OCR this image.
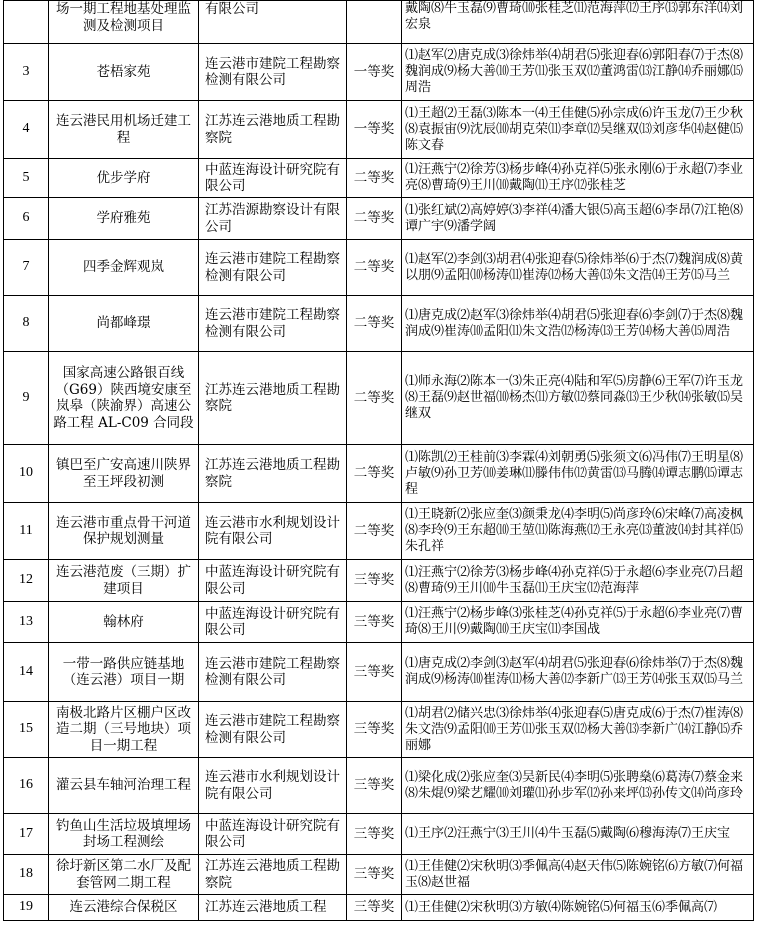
	场一期工程地基处理监测及检测项目	有限公司		戴陶⑻牛玉磊⑼曹琦⑽张桂芝⑾范海萍⑿王序⒀郭东洋⒁刘宏泉
3	苍梧家苑	连云港市建院工程勘察检测有限公司	一等奖	⑴赵军⑵唐克成⑶徐炜举⑷胡君⑸张迎春⑹郭阳春⑺于杰⑻魏润成⑼杨大善⑽王芳⑾张玉双⑿董鸿雷⒀江静⒁乔丽娜⒂周浩
4	连云港民用机场迁建工程	江苏连云港地质工程勘察院	一等奖	⑴王超⑵王磊⑶陈本一⑷王佳健⑸孙宗成⑹许玉龙⑺王少秋⑻袁振宙⑼沈辰⑽胡克荣⑾李章⑿吴继双⒀刘彦华⒁赵健⒂陈文春
5	优步学府	中蓝连海设计研究院有限公司	二等奖	⑴汪燕宁⑵徐芳⑶杨步峰⑷孙克祥⑸张永刚⑹于永超⑺李业亮⑻曹琦⑼王川⑽戴陶⑾王序⑿张桂芝
6	学府雅苑	江苏浩源勘察设计有限公司	二等奖	⑴张红斌⑵高婷婷⑶李祥⑷潘大银⑸高玉超⑹李昂⑺江艳⑻谭广宇⑼潘学阔
7	四季金辉观岚	连云港市建院工程勘察检测有限公司	二等奖	⑴赵军⑵李剑⑶胡君⑷张迎春⑸徐炜举⑹于杰⑺魏润成⑻黄以朋⑼孟阳⑽杨涛⑾崔涛⑿杨大善⒀朱文浩⒁王芳⒂马兰
8	尚都峰璟	连云港市建院工程勘察检测有限公司	二等奖	⑴唐克成⑵赵军⑶徐炜举⑷胡君⑸张迎春⑹李剑⑺于杰⑻魏润成⑼崔涛⑽孟阳⑾朱文浩⑿杨涛⒀王芳⒁杨大善⒂周浩
9	国家高速公路银百线（G69）陕西境安康至岚皋（陕渝界）高速公路工程 AL-C09 合同段	江苏连云港地质工程勘察院	二等奖	⑴师永海⑵陈本一⑶朱正亮⑷陆和军⑸房静⑹王军⑺许玉龙⑻王磊⑼赵世福⑽杨杰⑾方敏⑿蔡同淼⒀王少秋⒁张敏⒂吴继双
10	镇巴至广安高速川陕界至王坪段初测	江苏连云港地质工程勘察院	二等奖	⑴陈凯⑵王桂前⑶李霖⑷刘朝勇⑸张须文⑹冯伟⑺王明星⑻卢敏⑼孙卫芳⑽姜琳⑾滕伟伟⑿黄雷⒀马腾⒁谭志鹏⒂谭志程
11	连云港市重点骨干河道保护规划测量	连云港市水利规划设计院有限公司	二等奖	⑴王晓新⑵张应奎⑶颜秉龙⑷李明⑸尚彦玲⑹宋峰⑺高凌枫⑻李玲⑼王东超⑽王堃⑾陈海燕⑿王永亮⒀董波⒁封其祥⒂朱孔祥
12	连云港范废（三期）扩建项目	中蓝连海设计研究院有限公司	三等奖	⑴汪燕宁⑵徐芳⑶杨步峰⑷孙克祥⑸于永超⑹李业亮⑺吕超⑻曹琦⑼王川⑽牛玉磊⑾王庆宝⑿范海萍
13	翰林府	中蓝连海设计研究院有限公司	三等奖	⑴汪燕宁⑵杨步峰⑶张桂芝⑷孙克祥⑸于永超⑹李业亮⑺曹琦⑻王川⑼戴陶⑽王庆宝⑾李国战
14	一带一路供应链基地（连云港）项目一期	连云港市建院工程勘察检测有限公司	三等奖	⑴唐克成⑵李剑⑶赵军⑷胡君⑸张迎春⑹徐炜举⑺于杰⑻魏润成⑼杨涛⑽崔涛⑾杨大善⑿李新广⒀王芳⒁张玉双⒂马兰
15	南极北路片区棚户区改造二期（三号地块）项目一期工程	连云港市建院工程勘察检测有限公司	三等奖	⑴胡君⑵储兴忠⑶徐炜举⑷张迎春⑸唐克成⑹于杰⑺崔涛⑻朱文浩⑼孟阳⑽王芳⑾张玉双⑿杨大善⒀李新广⒁江静⒂乔丽娜
16	灌云县车轴河治理工程	连云港市水利规划设计院有限公司	三等奖	⑴梁化成⑵张应奎⑶吴新民⑷李明⑸张聘燊⑹葛涛⑺蔡金来⑻朱焜⑼梁艺耀⑽刘瓘⑾孙步军⑿孙来坪⒀孙传文⒁尚彦玲
17	钓鱼山生活垃圾填埋场封场工程测绘	中蓝连海设计研究院有限公司	三等奖	⑴王序⑵汪燕宁⑶王川⑷牛玉磊⑸戴陶⑹穆海涛⑺王庆宝
18	徐圩新区第二水厂及配套管网二期工程	江苏连云港地质工程勘察院	三等奖	⑴王佳健⑵宋秋明⑶季佩高⑷赵天伟⑸陈婉铭⑹方敏⑺何福玉⑻赵世福
19	连云港综合保税区	江苏连云港地质工程	三等奖	⑴王佳健⑵宋秋明⑶方敏⑷陈婉铭⑸何福玉⑹季佩高⑺
